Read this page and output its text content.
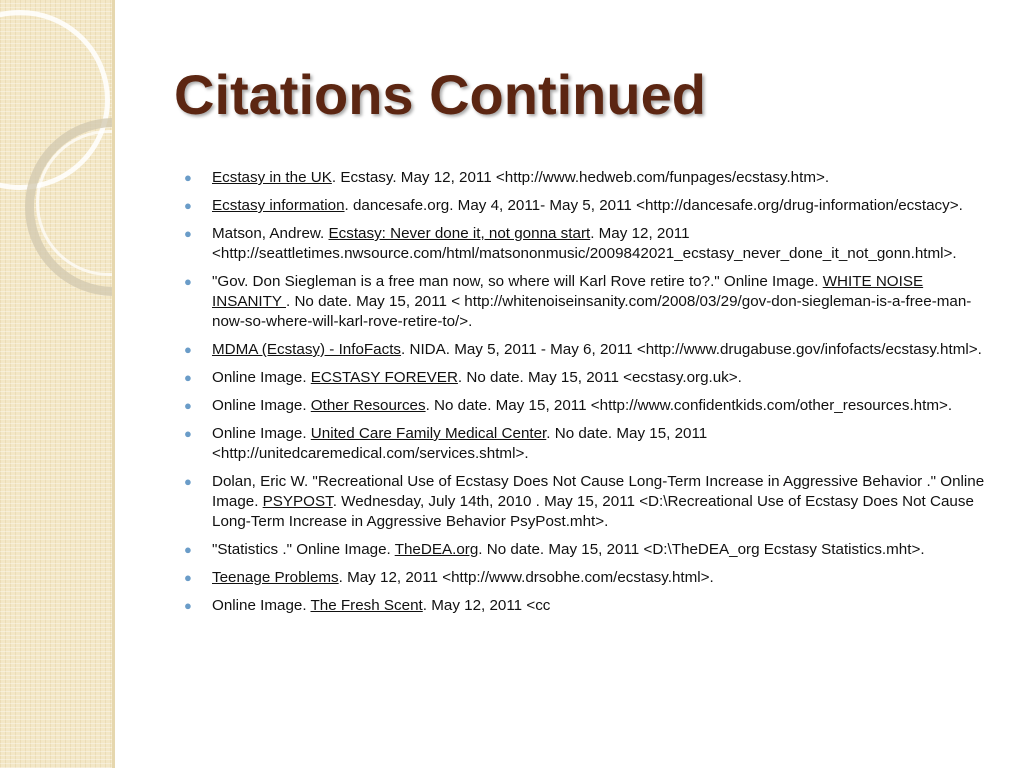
Citations Continued
● Ecstasy in the UK. Ecstasy. May 12, 2011 <http://www.hedweb.com/funpages/ecstasy.htm>.
● Ecstasy information. dancesafe.org. May 4, 2011- May 5, 2011 <http://dancesafe.org/drug-information/ecstacy>.
● Matson, Andrew. Ecstasy: Never done it, not gonna start. May 12, 2011 <http://seattletimes.nwsource.com/html/matsononmusic/2009842021_ecstasy_never_done_it_not_gonn.html>.
● "Gov. Don Siegleman is a free man now, so where will Karl Rove retire to?." Online Image. WHITE NOISE INSANITY . No date. May 15, 2011 < http://whitenoiseinsanity.com/2008/03/29/gov-don-siegleman-is-a-free-man-now-so-where-will-karl-rove-retire-to/>.
● MDMA (Ecstasy) - InfoFacts. NIDA. May 5, 2011 - May 6, 2011 <http://www.drugabuse.gov/infofacts/ecstasy.html>.
● Online Image. ECSTASY FOREVER. No date. May 15, 2011 <ecstasy.org.uk>.
● Online Image. Other Resources. No date. May 15, 2011 <http://www.confidentkids.com/other_resources.htm>.
● Online Image. United Care Family Medical Center. No date. May 15, 2011 <http://unitedcaremedical.com/services.shtml>.
● Dolan, Eric W. "Recreational Use of Ecstasy Does Not Cause Long-Term Increase in Aggressive Behavior ." Online Image. PSYPOST. Wednesday, July 14th, 2010 . May 15, 2011 <D:\Recreational Use of Ecstasy Does Not Cause Long-Term Increase in Aggressive Behavior PsyPost.mht>.
● "Statistics ." Online Image. TheDEA.org. No date. May 15, 2011 <D:\TheDEA_org Ecstasy Statistics.mht>.
● Teenage Problems. May 12, 2011 <http://www.drsobhe.com/ecstasy.html>.
● Online Image. The Fresh Scent. May 12, 2011 <cc
